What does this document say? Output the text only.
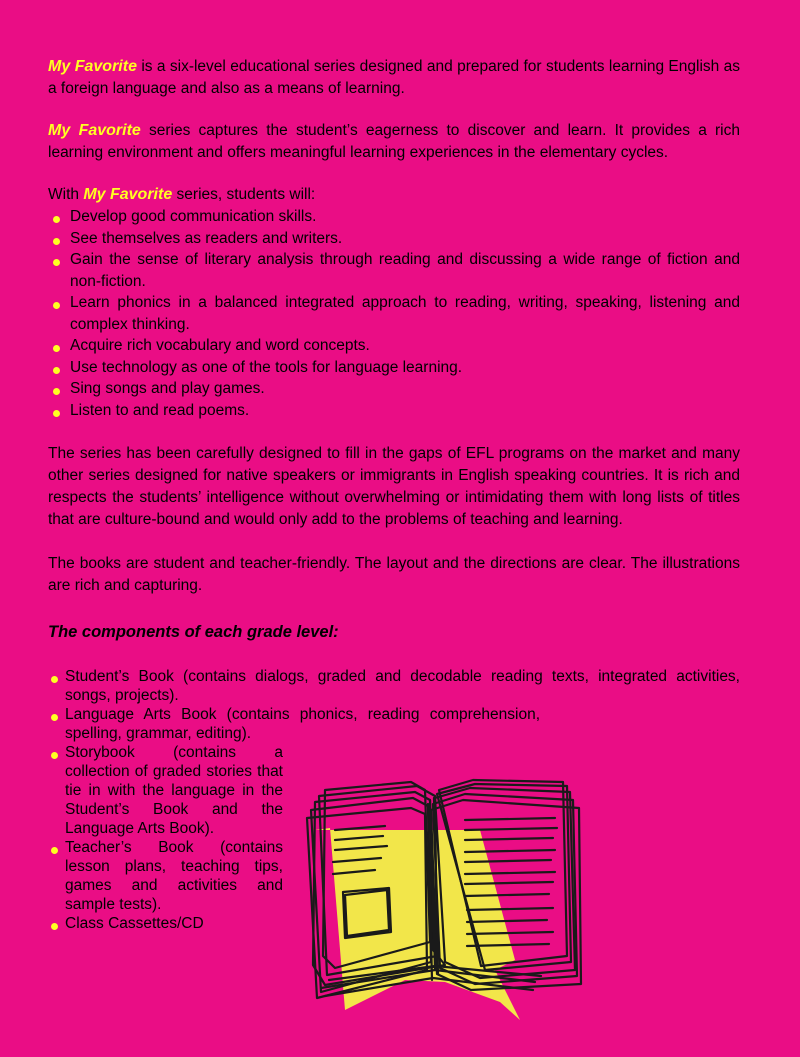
My Favorite is a six-level educational series designed and prepared for students learning English as a foreign language and also as a means of learning.

My Favorite series captures the student’s eagerness to discover and learn. It provides a rich learning environment and offers meaningful learning experiences in the elementary cycles.

With My Favorite series, students will:

Develop good communication skills.
See themselves as readers and writers.
Gain the sense of literary analysis through reading and discussing a wide range of fiction and non-fiction.
Learn phonics in a balanced integrated approach to reading, writing, speaking, listening and complex thinking.
Acquire rich vocabulary and word concepts.
Use technology as one of the tools for language learning.
Sing songs and play games.
Listen to and read poems.

The series has been carefully designed to fill in the gaps of EFL programs on the market and many other series designed for native speakers or immigrants in English speaking countries. It is rich and respects the students’ intelligence without overwhelming or intimidating them with long lists of titles that are culture-bound and would only add to the problems of teaching and learning.

The books are student and teacher-friendly. The layout and the directions are clear. The illustrations are rich and capturing.

The components of each grade level:
Student’s Book (contains dialogs, graded and decodable reading texts, integrated activities, songs, projects).
Language Arts Book (contains phonics, reading comprehension, spelling, grammar, editing).
Storybook (contains a collection of graded stories that tie in with the language in the Student’s Book and the Language Arts Book).
Teacher’s Book (contains lesson plans, teaching tips, games and activities and sample tests).
Class Cassettes/CD
